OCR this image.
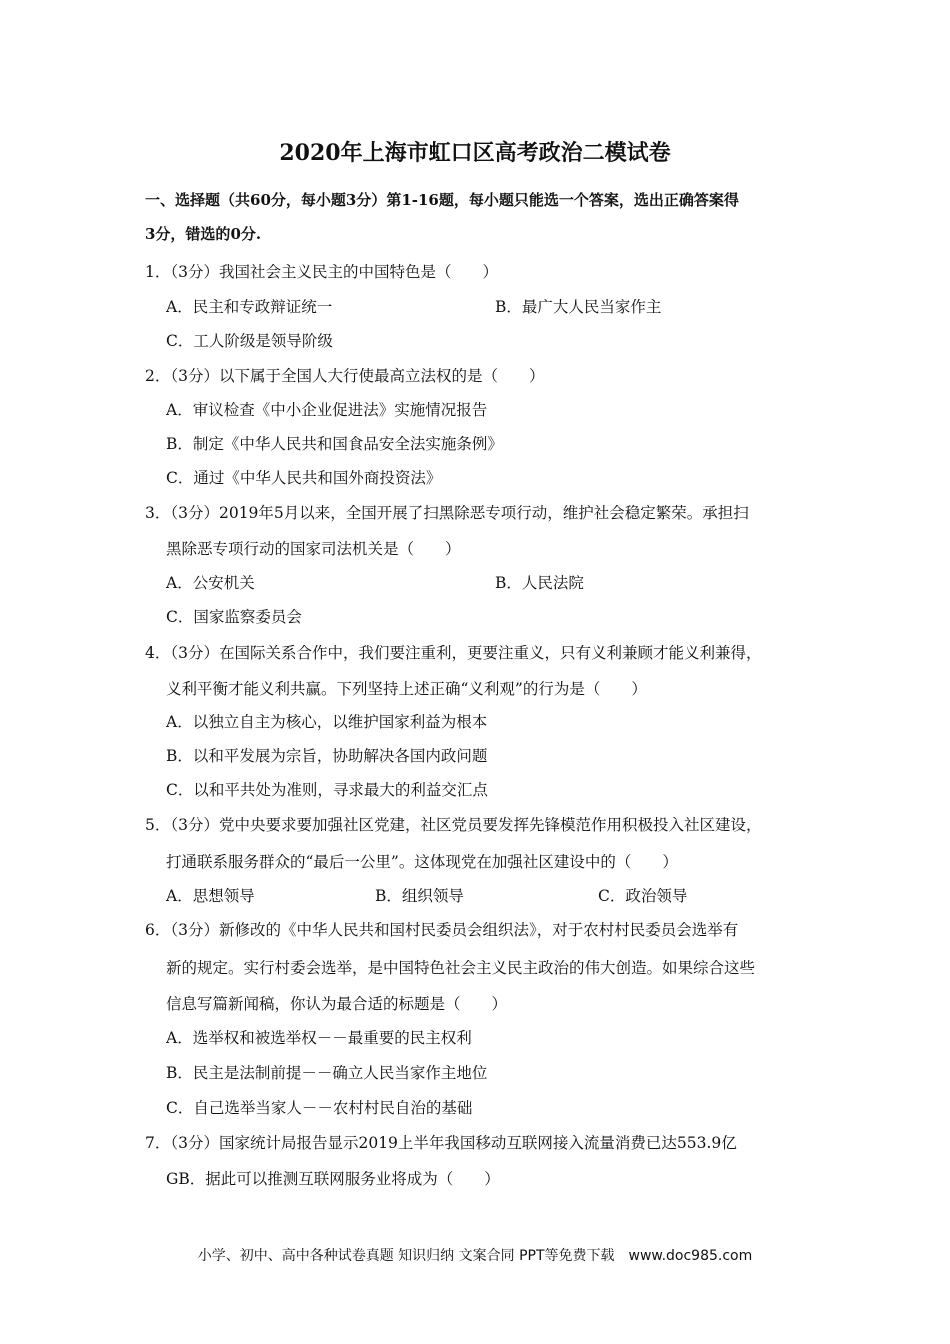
2020年上海市虹口区高考政治二模试卷
一、选择题（共60分，每小题3分）第1-16题，每小题只能选一个答案，选出正确答案得
3分，错选的0分.
1．（3分）我国社会主义民主的中国特色是（　　）
A．民主和专政辩证统一	B．最广大人民当家作主
C．工人阶级是领导阶级
2．（3分）以下属于全国人大行使最高立法权的是（　　）
A．审议检查《中小企业促进法》实施情况报告
B．制定《中华人民共和国食品安全法实施条例》
C．通过《中华人民共和国外商投资法》
3．（3分）2019年5月以来，全国开展了扫黑除恶专项行动，维护社会稳定繁荣。承担扫
黑除恶专项行动的国家司法机关是（　　）
A．公安机关	B．人民法院
C．国家监察委员会
4．（3分）在国际关系合作中，我们要注重利，更要注重义，只有义利兼顾才能义利兼得，
义利平衡才能义利共赢。下列坚持上述正确“义利观”的行为是（　　）
A．以独立自主为核心，以维护国家利益为根本
B．以和平发展为宗旨，协助解决各国内政问题
C．以和平共处为准则，寻求最大的利益交汇点
5．（3分）党中央要求要加强社区党建，社区党员要发挥先锋模范作用积极投入社区建设，
打通联系服务群众的“最后一公里”。这体现党在加强社区建设中的（　　）
A．思想领导	B．组织领导	C．政治领导
6．（3分）新修改的《中华人民共和国村民委员会组织法》，对于农村村民委员会选举有
新的规定。实行村委会选举，是中国特色社会主义民主政治的伟大创造。如果综合这些
信息写篇新闻稿，你认为最合适的标题是（　　）
A．选举权和被选举权－－最重要的民主权利
B．民主是法制前提－－确立人民当家作主地位
C．自己选举当家人－－农村村民自治的基础
7．（3分）国家统计局报告显示2019上半年我国移动互联网接入流量消费已达553.9亿
GB．据此可以推测互联网服务业将成为（　　）
小学、初中、高中各种试卷真题 知识归纳 文案合同 PPT等免费下载　www.doc985.com
